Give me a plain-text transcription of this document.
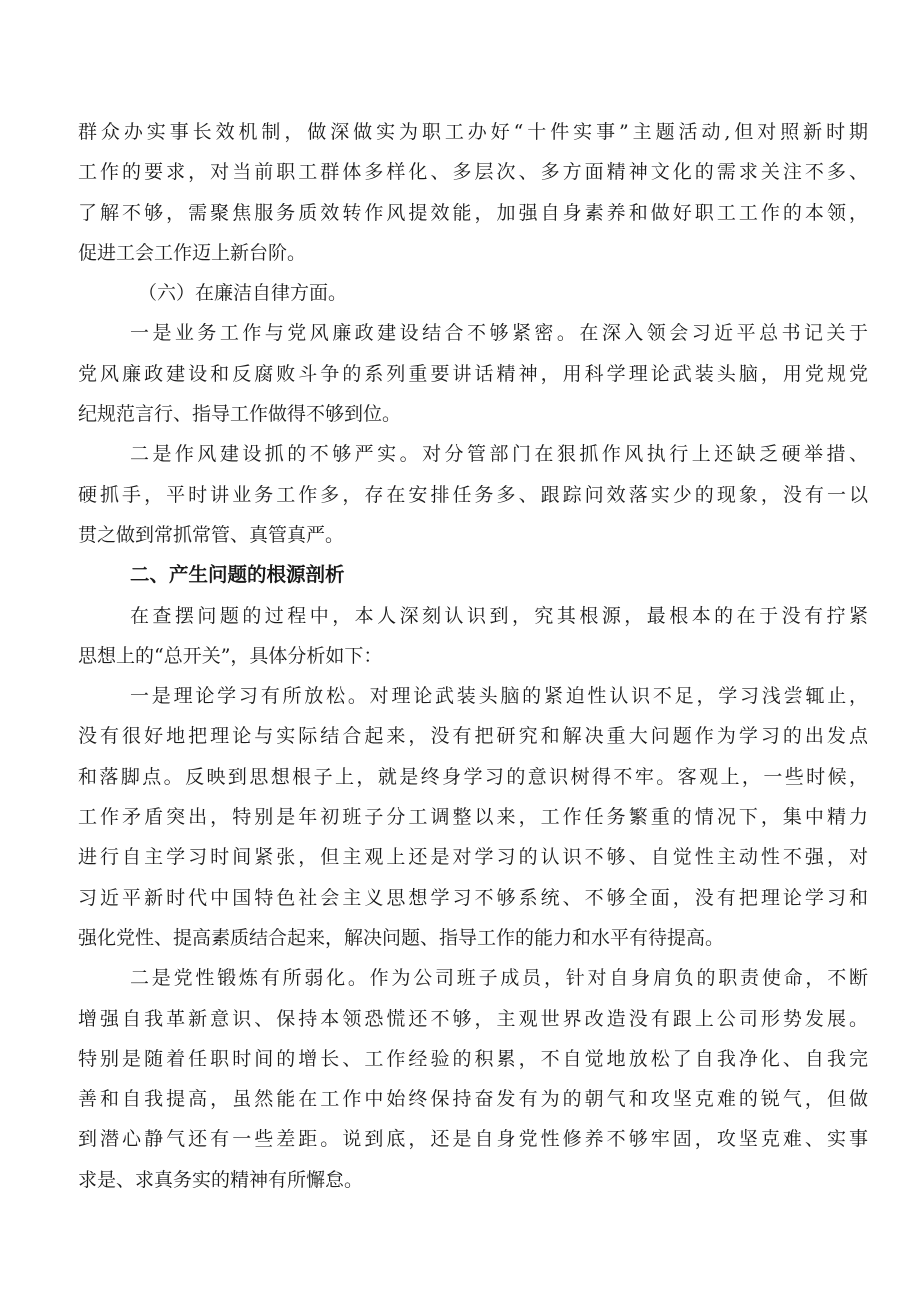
群众办实事长效机制，做深做实为职工办好“十件实事”主题活动,但对照新时期
工作的要求，对当前职工群体多样化、多层次、多方面精神文化的需求关注不多、
了解不够，需聚焦服务质效转作风提效能，加强自身素养和做好职工工作的本领，
促进工会工作迈上新台阶。
（六）在廉洁自律方面。
一是业务工作与党风廉政建设结合不够紧密。在深入领会习近平总书记关于
党风廉政建设和反腐败斗争的系列重要讲话精神，用科学理论武装头脑，用党规党
纪规范言行、指导工作做得不够到位。
二是作风建设抓的不够严实。对分管部门在狠抓作风执行上还缺乏硬举措、
硬抓手，平时讲业务工作多，存在安排任务多、跟踪问效落实少的现象，没有一以
贯之做到常抓常管、真管真严。
二、产生问题的根源剖析
在查摆问题的过程中，本人深刻认识到，究其根源，最根本的在于没有拧紧
思想上的“总开关”，具体分析如下：
一是理论学习有所放松。对理论武装头脑的紧迫性认识不足，学习浅尝辄止，
没有很好地把理论与实际结合起来，没有把研究和解决重大问题作为学习的出发点
和落脚点。反映到思想根子上，就是终身学习的意识树得不牢。客观上，一些时候，
工作矛盾突出，特别是年初班子分工调整以来，工作任务繁重的情况下，集中精力
进行自主学习时间紧张，但主观上还是对学习的认识不够、自觉性主动性不强，对
习近平新时代中国特色社会主义思想学习不够系统、不够全面，没有把理论学习和
强化党性、提高素质结合起来，解决问题、指导工作的能力和水平有待提高。
二是党性锻炼有所弱化。作为公司班子成员，针对自身肩负的职责使命，不断
增强自我革新意识、保持本领恐慌还不够，主观世界改造没有跟上公司形势发展。
特别是随着任职时间的增长、工作经验的积累，不自觉地放松了自我净化、自我完
善和自我提高，虽然能在工作中始终保持奋发有为的朝气和攻坚克难的锐气，但做
到潜心静气还有一些差距。说到底，还是自身党性修养不够牢固，攻坚克难、实事
求是、求真务实的精神有所懈怠。
